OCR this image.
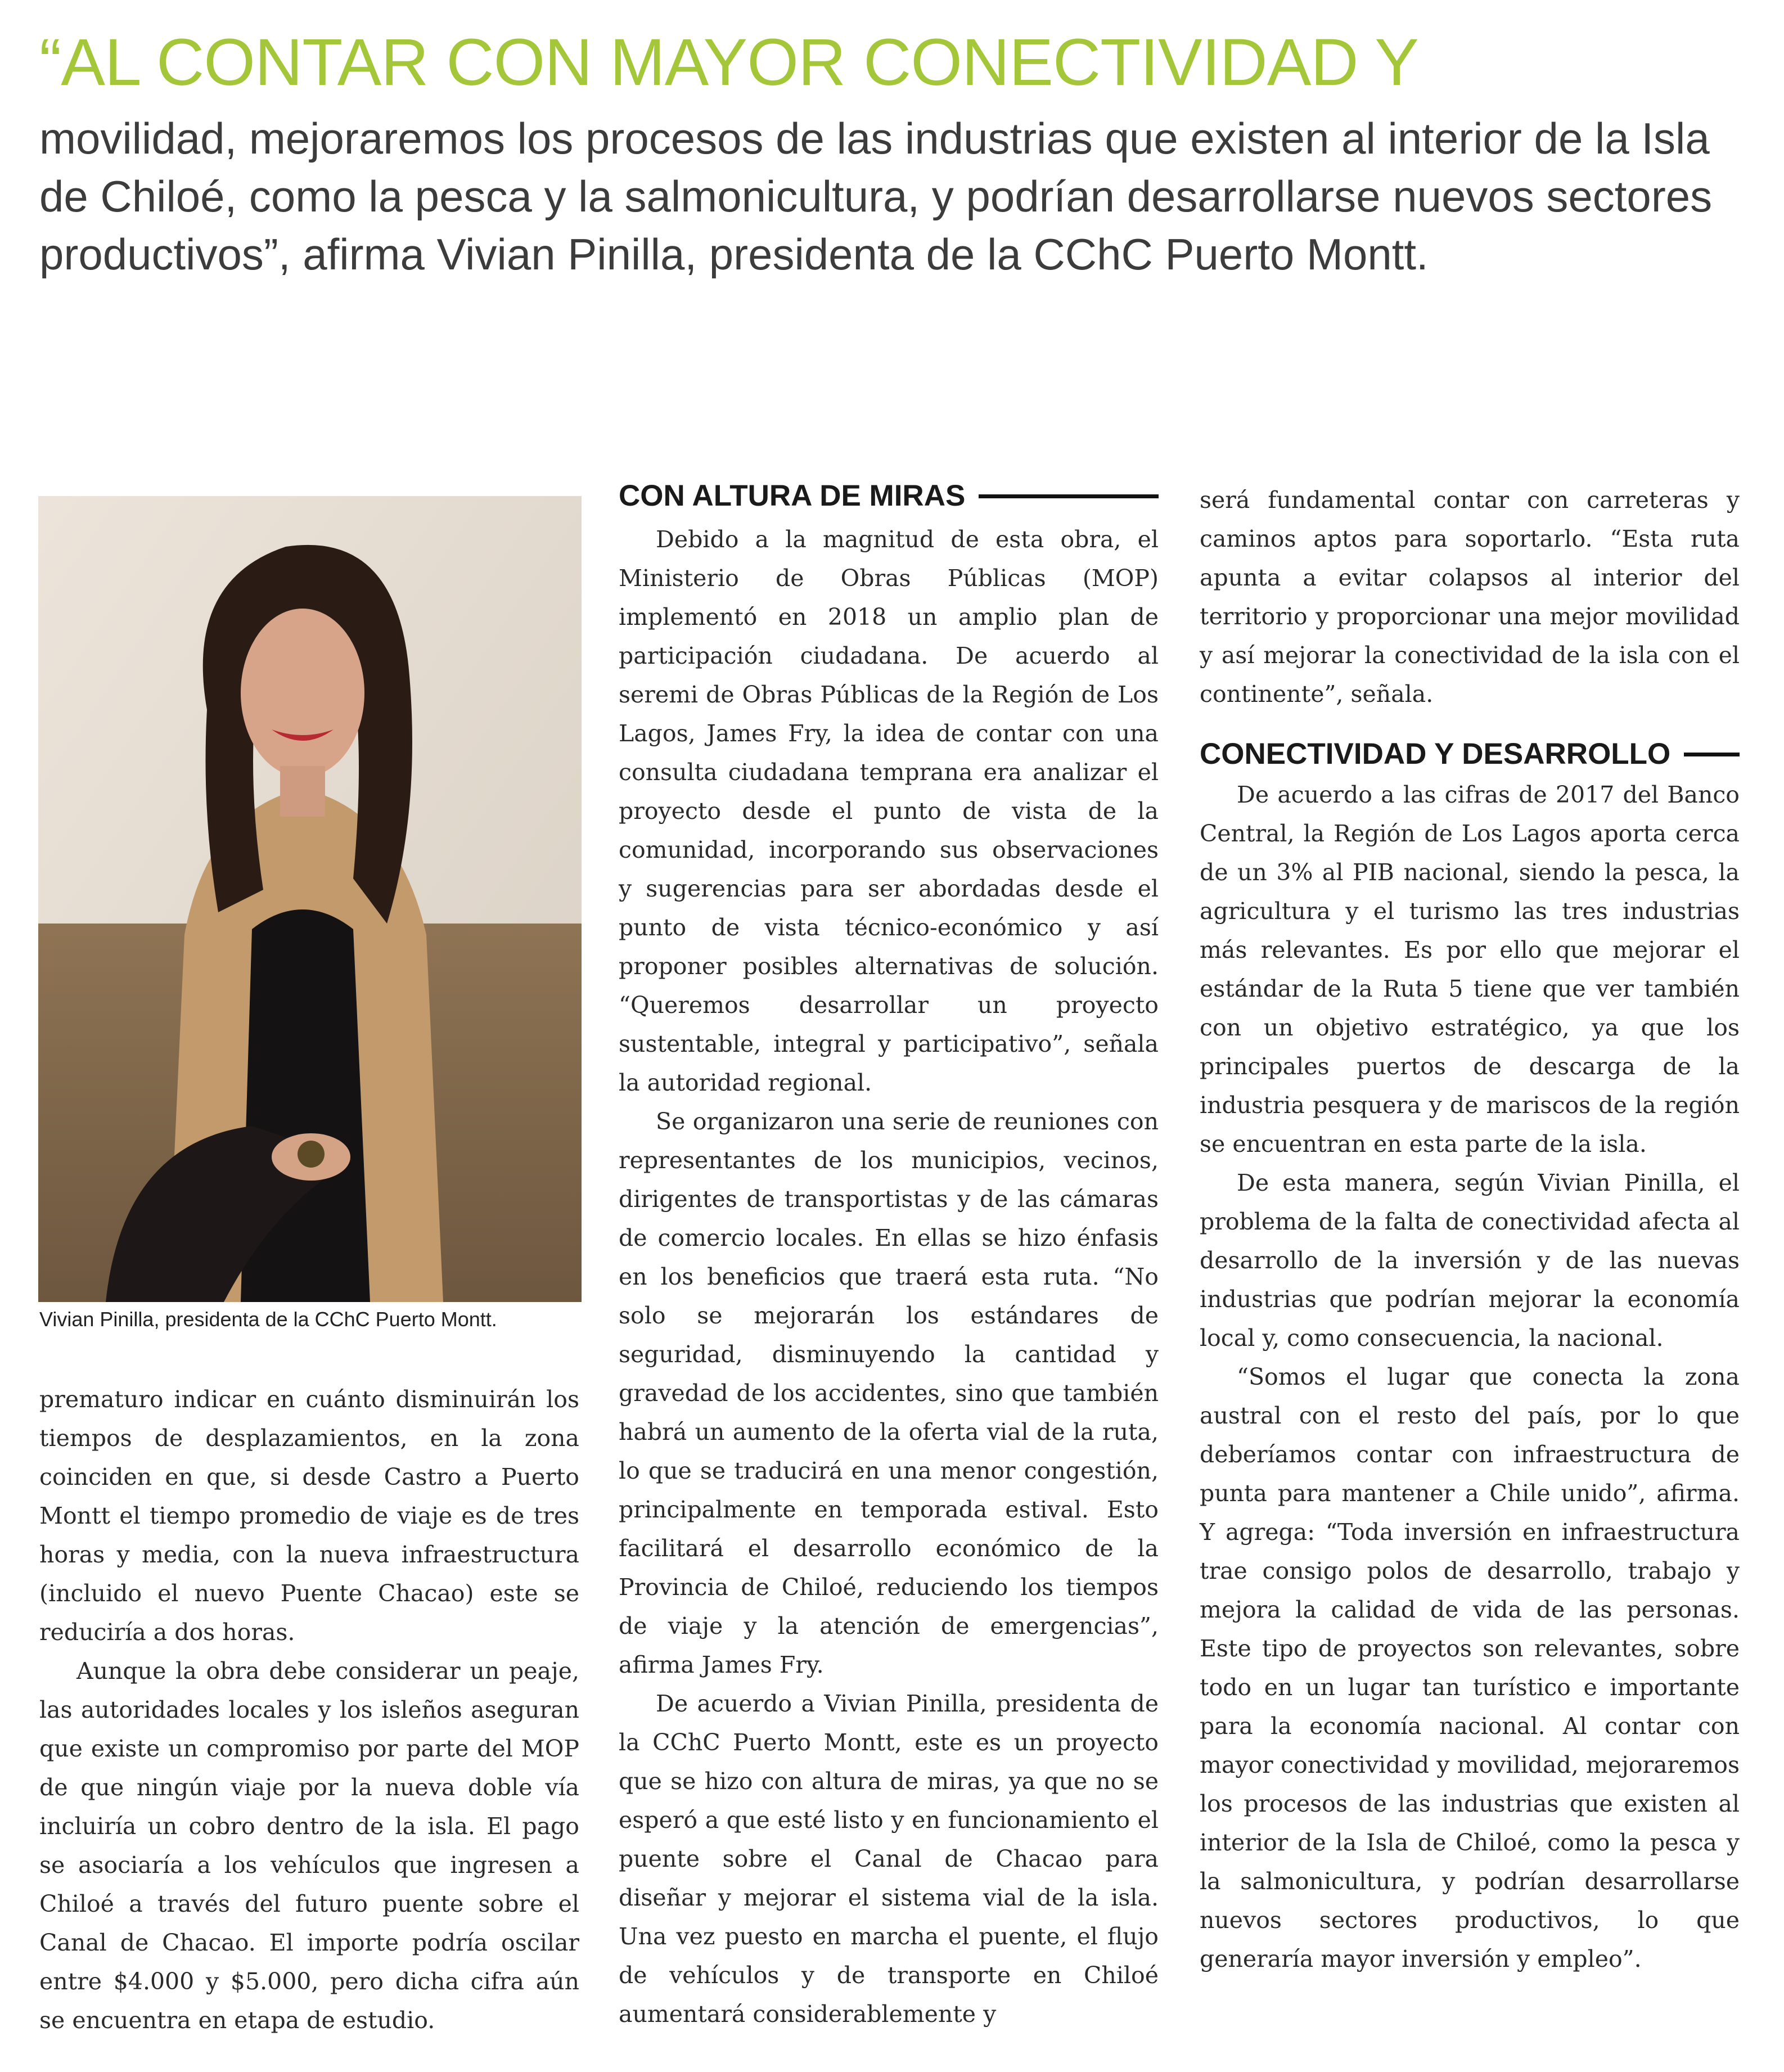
“AL CONTAR CON MAYOR CONECTIVIDAD Y
movilidad, mejoraremos los procesos de las industrias que existen al interior de la Isla de Chiloé, como la pesca y la salmonicultura, y podrían desarrollarse nuevos sectores productivos”, afirma Vivian Pinilla, presidenta de la CChC Puerto Montt.
Vivian Pinilla, presidenta de la CChC Puerto Montt.

prematuro indicar en cuánto disminuirán los tiempos de desplazamientos, en la zona coinciden en que, si desde Castro a Puerto Montt el tiempo promedio de viaje es de tres horas y media, con la nueva infraestructura (incluido el nuevo Puente Chacao) este se reduciría a dos horas.

Aunque la obra debe considerar un peaje, las autoridades locales y los isleños aseguran que existe un compromiso por parte del MOP de que ningún viaje por la nueva doble vía incluiría un cobro dentro de la isla. El pago se asociaría a los vehículos que ingresen a Chiloé a través del futuro puente sobre el Canal de Chacao. El importe podría oscilar entre $4.000 y $5.000, pero dicha cifra aún se encuentra en etapa de estudio.

CON ALTURA DE MIRAS

Debido a la magnitud de esta obra, el Ministerio de Obras Públicas (MOP) implementó en 2018 un amplio plan de participación ciudadana. De acuerdo al seremi de Obras Públicas de la Región de Los Lagos, James Fry, la idea de contar con una consulta ciudadana temprana era analizar el proyecto desde el punto de vista de la comunidad, incorporando sus observaciones y sugerencias para ser abordadas desde el punto de vista técnico-económico y así proponer posibles alternativas de solución. “Queremos desarrollar un proyecto sustentable, integral y participativo”, señala la autoridad regional.

Se organizaron una serie de reuniones con representantes de los municipios, vecinos, dirigentes de transportistas y de las cámaras de comercio locales. En ellas se hizo énfasis en los beneficios que traerá esta ruta. “No solo se mejorarán los estándares de seguridad, disminuyendo la cantidad y gravedad de los accidentes, sino que también habrá un aumento de la oferta vial de la ruta, lo que se traducirá en una menor congestión, principalmente en temporada estival. Esto facilitará el desarrollo económico de la Provincia de Chiloé, reduciendo los tiempos de viaje y la atención de emergencias”, afirma James Fry.

De acuerdo a Vivian Pinilla, presidenta de la CChC Puerto Montt, este es un proyecto que se hizo con altura de miras, ya que no se esperó a que esté listo y en funcionamiento el puente sobre el Canal de Chacao para diseñar y mejorar el sistema vial de la isla. Una vez puesto en marcha el puente, el flujo de vehículos y de transporte en Chiloé aumentará considerablemente y

será fundamental contar con carreteras y caminos aptos para soportarlo. “Esta ruta apunta a evitar colapsos al interior del territorio y proporcionar una mejor movilidad y así mejorar la conectividad de la isla con el continente”, señala.

CONECTIVIDAD Y DESARROLLO

De acuerdo a las cifras de 2017 del Banco Central, la Región de Los Lagos aporta cerca de un 3% al PIB nacional, siendo la pesca, la agricultura y el turismo las tres industrias más relevantes. Es por ello que mejorar el estándar de la Ruta 5 tiene que ver también con un objetivo estratégico, ya que los principales puertos de descarga de la industria pesquera y de mariscos de la región se encuentran en esta parte de la isla.

De esta manera, según Vivian Pinilla, el problema de la falta de conectividad afecta al desarrollo de la inversión y de las nuevas industrias que podrían mejorar la economía local y, como consecuencia, la nacional.

“Somos el lugar que conecta la zona austral con el resto del país, por lo que deberíamos contar con infraestructura de punta para mantener a Chile unido”, afirma. Y agrega: “Toda inversión en infraestructura trae consigo polos de desarrollo, trabajo y mejora la calidad de vida de las personas. Este tipo de proyectos son relevantes, sobre todo en un lugar tan turístico e importante para la economía nacional. Al contar con mayor conectividad y movilidad, mejoraremos los procesos de las industrias que existen al interior de la Isla de Chiloé, como la pesca y la salmonicultura, y podrían desarrollarse nuevos sectores productivos, lo que generaría mayor inversión y empleo”.
